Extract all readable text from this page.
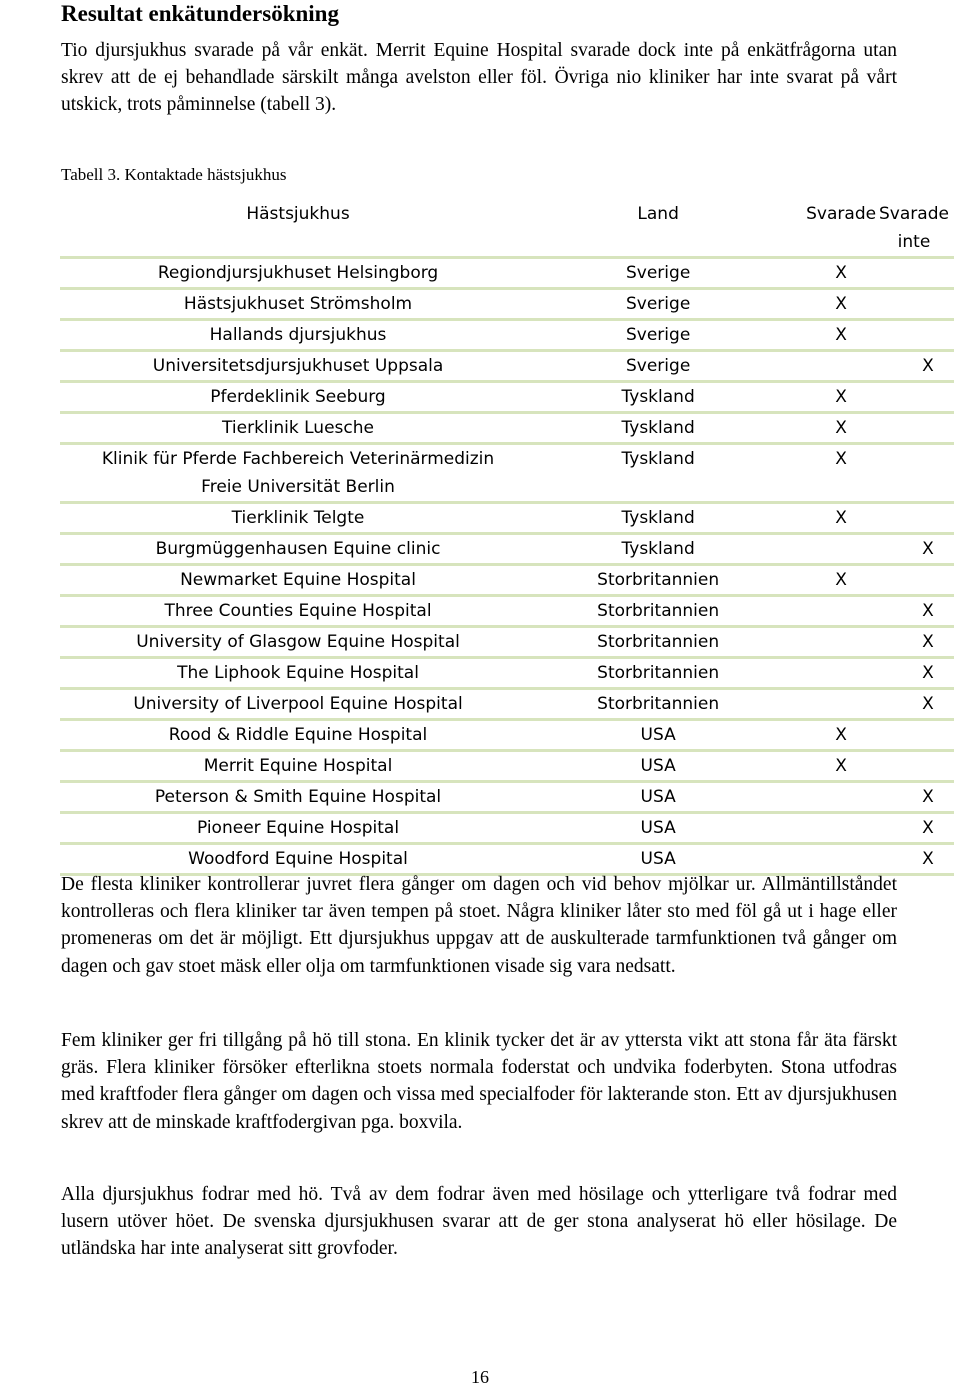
Resultat enkätundersökning

Tio djursjukhus svarade på vår enkät. Merrit Equine Hospital svarade dock inte på enkätfrågorna utan skrev att de ej behandlade särskilt många avelston eller föl. Övriga nio kliniker har inte svarat på vårt utskick, trots påminnelse (tabell 3).

Tabell 3. Kontaktade hästsjukhus
Hästsjukhus	Land	Svarade	Svarade inte
Regiondjursjukhuset Helsingborg	Sverige	X	
Hästsjukhuset Strömsholm	Sverige	X	
Hallands djursjukhus	Sverige	X	
Universitetsdjursjukhuset Uppsala	Sverige		X
Pferdeklinik Seeburg	Tyskland	X	
Tierklinik Luesche	Tyskland	X	
Klinik für Pferde Fachbereich Veterinärmedizin Freie Universität Berlin	Tyskland	X	
Tierklinik Telgte	Tyskland	X	
Burgmüggenhausen Equine clinic	Tyskland		X
Newmarket Equine Hospital	Storbritannien	X	
Three Counties Equine Hospital	Storbritannien		X
University of Glasgow Equine Hospital	Storbritannien		X
The Liphook Equine Hospital	Storbritannien		X
University of Liverpool Equine Hospital	Storbritannien		X
Rood & Riddle Equine Hospital	USA	X	
Merrit Equine Hospital	USA	X	
Peterson & Smith Equine Hospital	USA		X
Pioneer Equine Hospital	USA		X
Woodford Equine Hospital	USA		X

De flesta kliniker kontrollerar juvret flera gånger om dagen och vid behov mjölkar ur. Allmäntillståndet kontrolleras och flera kliniker tar även tempen på stoet. Några kliniker låter sto med föl gå ut i hage eller promeneras om det är möjligt. Ett djursjukhus uppgav att de auskulterade tarmfunktionen två gånger om dagen och gav stoet mäsk eller olja om tarmfunktionen visade sig vara nedsatt.

Fem kliniker ger fri tillgång på hö till stona. En klinik tycker det är av yttersta vikt att stona får äta färskt gräs. Flera kliniker försöker efterlikna stoets normala foderstat och undvika foderbyten. Stona utfodras med kraftfoder flera gånger om dagen och vissa med specialfoder för lakterande ston. Ett av djursjukhusen skrev att de minskade kraftfodergivan pga. boxvila.

Alla djursjukhus fodrar med hö. Två av dem fodrar även med hösilage och ytterligare två fodrar med lusern utöver höet. De svenska djursjukhusen svarar att de ger stona analyserat hö eller hösilage. De utländska har inte analyserat sitt grovfoder.

16
